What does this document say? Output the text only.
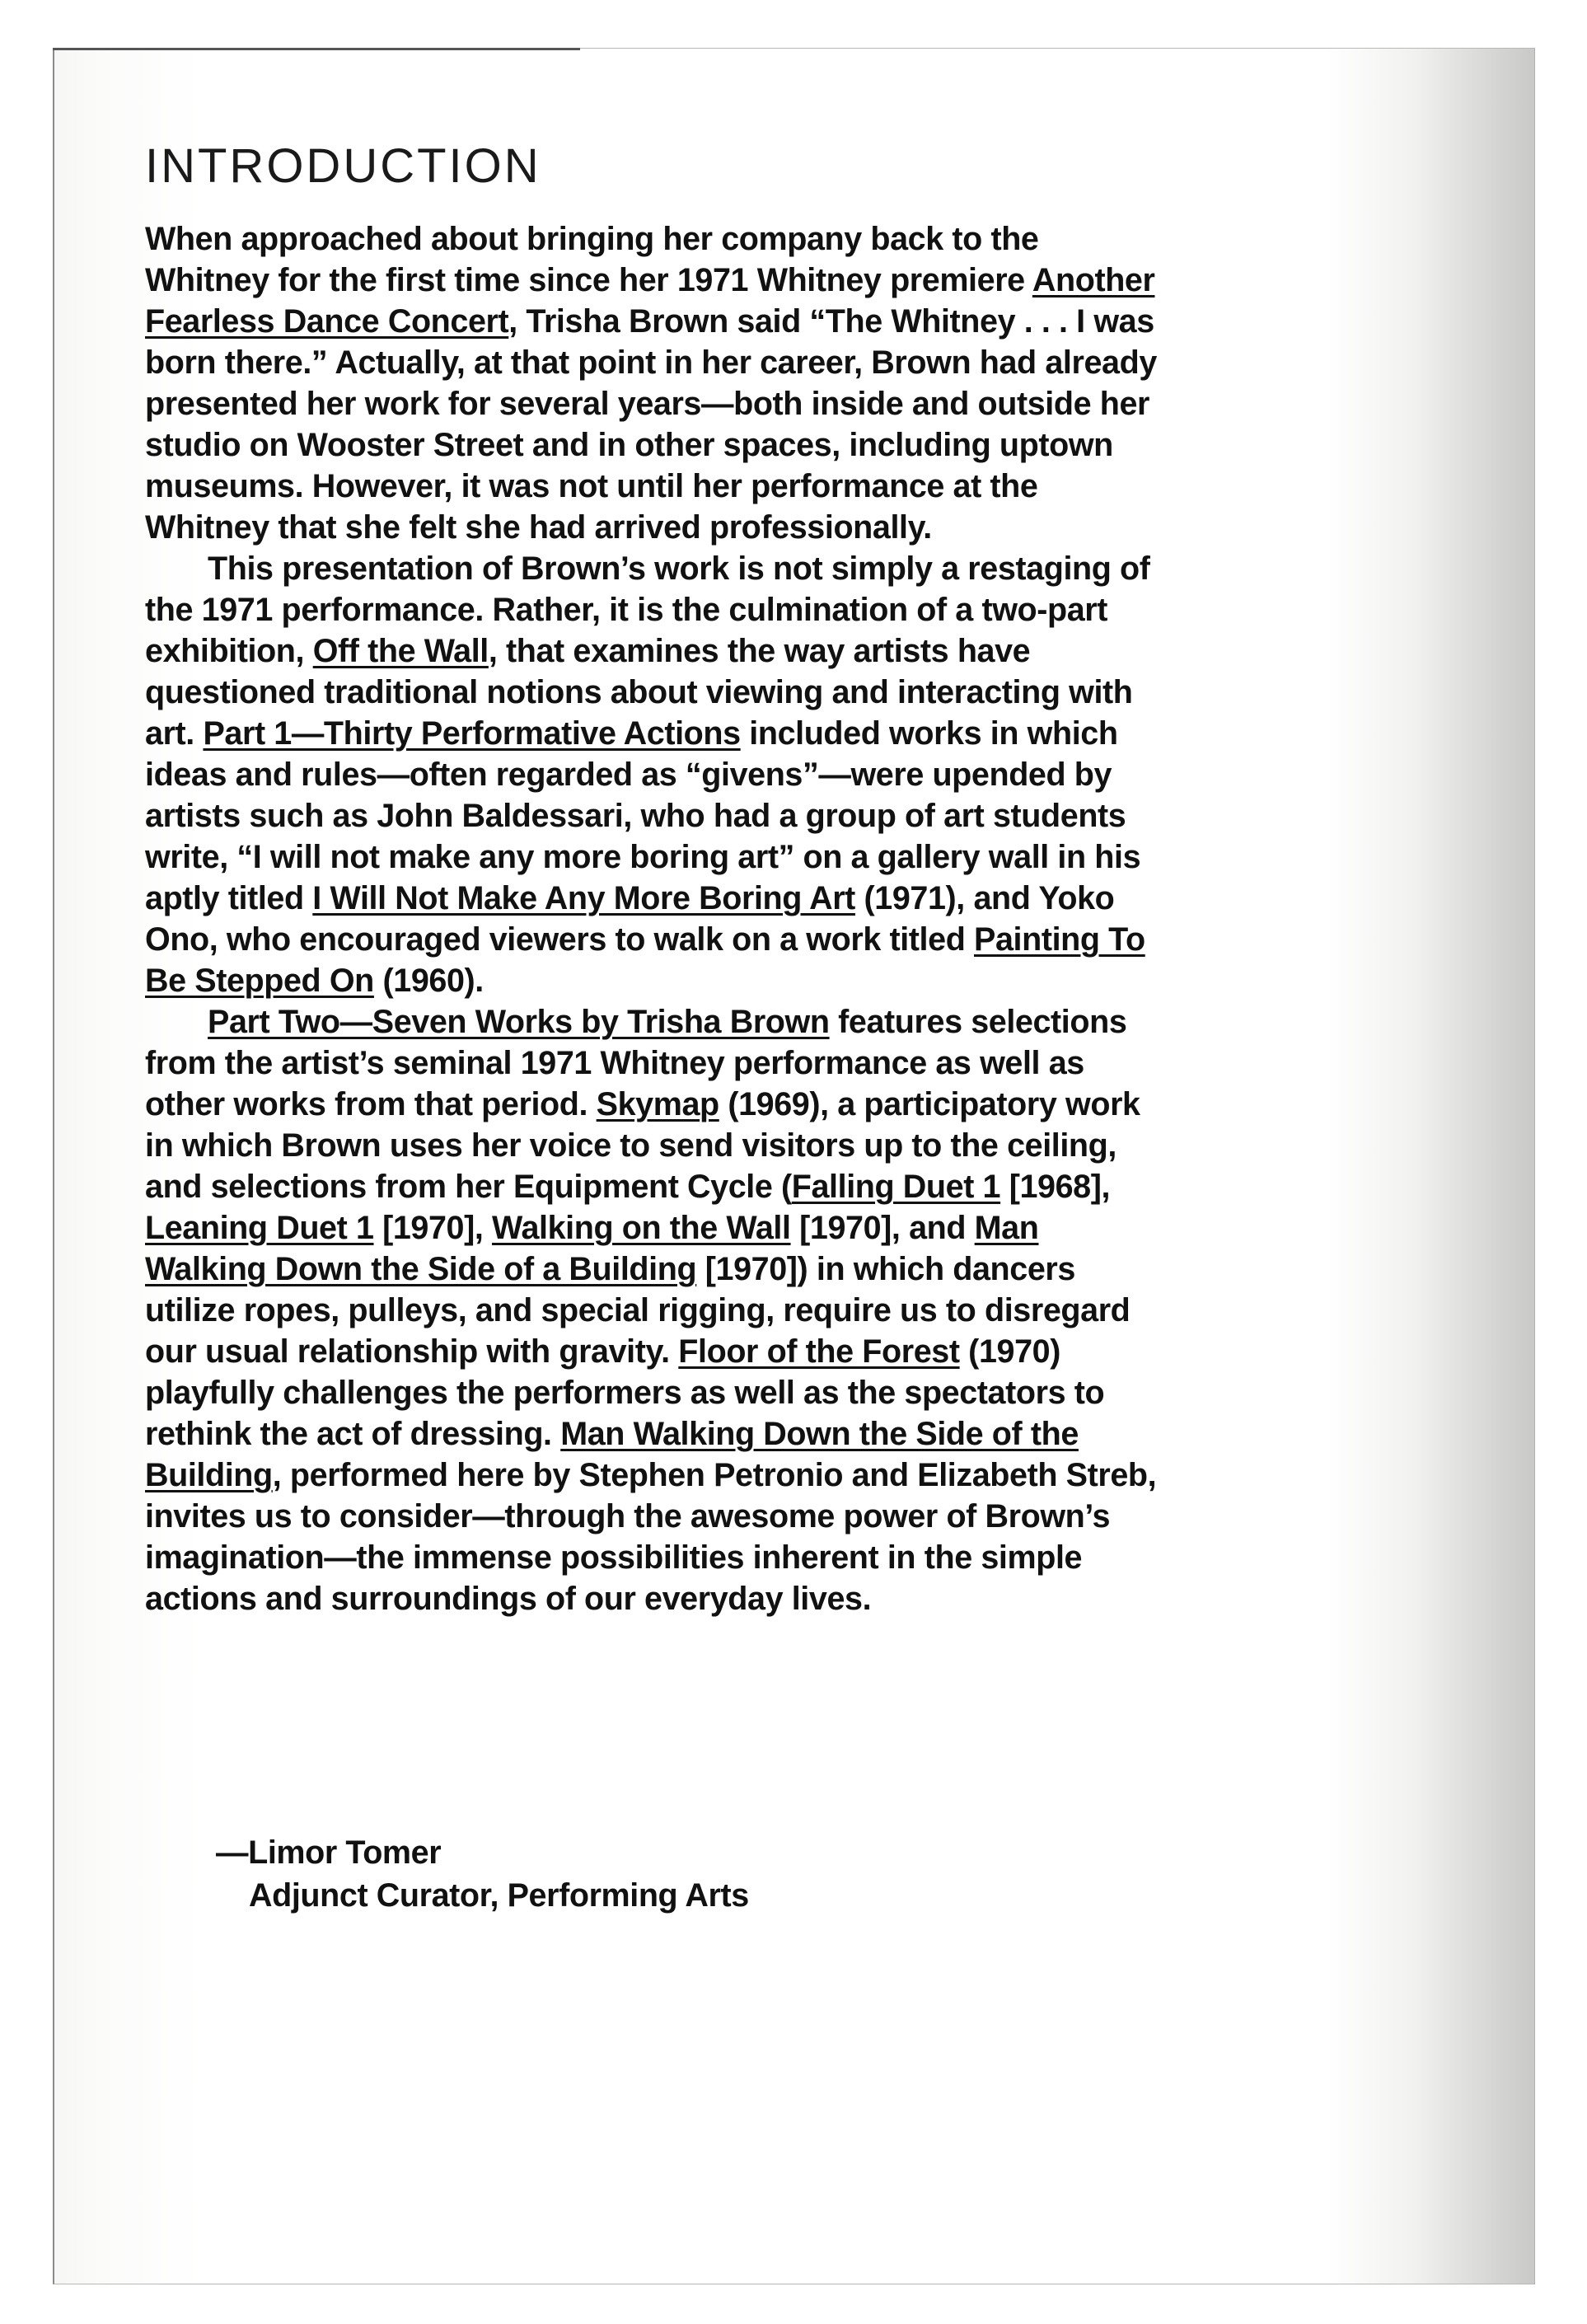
INTRODUCTION

When approached about bringing her company back to the Whitney for the first time since her 1971 Whitney premiere Another Fearless Dance Concert, Trisha Brown said “The Whitney . . . I was born there.” Actually, at that point in her career, Brown had already presented her work for several years—both inside and outside her studio on Wooster Street and in other spaces, including uptown museums. However, it was not until her performance at the Whitney that she felt she had arrived professionally.

This presentation of Brown’s work is not simply a restaging of the 1971 performance. Rather, it is the culmination of a two-part exhibition, Off the Wall, that examines the way artists have questioned traditional notions about viewing and interacting with art. Part 1—Thirty Performative Actions included works in which ideas and rules—often regarded as “givens”—were upended by artists such as John Baldessari, who had a group of art students write, “I will not make any more boring art” on a gallery wall in his aptly titled I Will Not Make Any More Boring Art (1971), and Yoko Ono, who encouraged viewers to walk on a work titled Painting To Be Stepped On (1960).

Part Two—Seven Works by Trisha Brown features selections from the artist’s seminal 1971 Whitney performance as well as other works from that period. Skymap (1969), a participatory work in which Brown uses her voice to send visitors up to the ceiling, and selections from her Equipment Cycle (Falling Duet 1 [1968], Leaning Duet 1 [1970], Walking on the Wall [1970], and Man Walking Down the Side of a Building [1970]) in which dancers utilize ropes, pulleys, and special rigging, require us to disregard our usual relationship with gravity. Floor of the Forest (1970) playfully challenges the performers as well as the spectators to rethink the act of dressing. Man Walking Down the Side of the Building, performed here by Stephen Petronio and Elizabeth Streb, invites us to consider—through the awesome power of Brown’s imagination—the immense possibilities inherent in the simple actions and surroundings of our everyday lives.

—Limor Tomer
Adjunct Curator, Performing Arts
